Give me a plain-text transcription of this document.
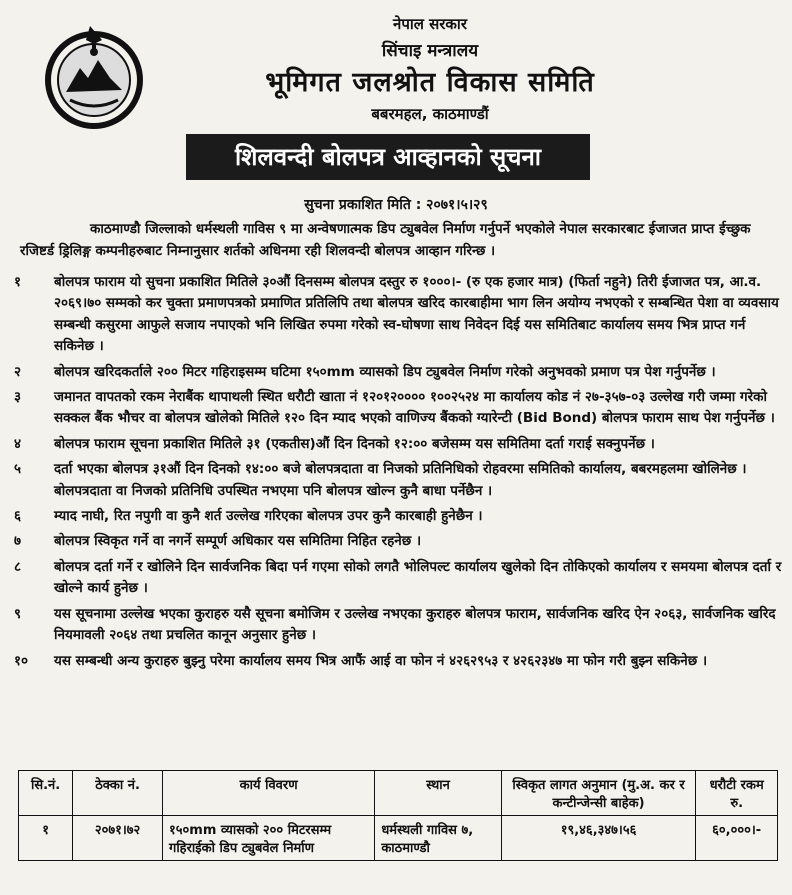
नेपाल सरकार
सिंचाइ मन्त्रालय
भूमिगत जलश्रोत विकास समिति
बबरमहल, काठमाण्डौं
शिलवन्दी बोलपत्र आव्हानको सूचना
सुचना प्रकाशित मिति : २०७१।५।२९
काठमाण्डौ जिल्लाको धर्मस्थली गाविस ९ मा अन्वेषणात्मक डिप ट्युबवेल निर्माण गर्नुपर्ने भएकोले नेपाल सरकारबाट ईजाजत प्राप्त ईच्छुक रजिष्टर्ड ड्रिलिङ्ग कम्पनीहरुबाट निम्नानुसार शर्तको अधिनमा रही शिलवन्दी बोलपत्र आव्हान गरिन्छ ।
१	बोलपत्र फाराम यो सुचना प्रकाशित मितिले ३०औं दिनसम्म बोलपत्र दस्तुर रु १०००।- (रु एक हजार मात्र) (फिर्ता नहुने) तिरी ईजाजत पत्र, आ.व. २०६९।७० सम्मको कर चुक्ता प्रमाणपत्रको प्रमाणित प्रतिलिपि तथा बोलपत्र खरिद कारबाहीमा भाग लिन अयोग्य नभएको र सम्बन्धित पेशा वा व्यवसाय सम्बन्धी कसुरमा आफुले सजाय नपाएको भनि लिखित रुपमा गरेको स्व-घोषणा साथ निवेदन दिई यस समितिबाट कार्यालय समय भित्र प्राप्त गर्न सकिनेछ ।
२	बोलपत्र खरिदकर्ताले २०० मिटर गहिराइसम्म घटिमा १५०mm व्यासको डिप ट्युबवेल निर्माण गरेको अनुभवको प्रमाण पत्र पेश गर्नुपर्नेछ ।
३	जमानत वापतको रकम नेराबैंक थापाथली स्थित धरौटी खाता नं १२०१२०००० १००२५२४ मा कार्यालय कोड नं २७-३५७-०३ उल्लेख गरी जम्मा गरेको सक्कल बैंक भौचर वा बोलपत्र खोलेको मितिले १२० दिन म्याद भएको वाणिज्य बैंकको ग्यारेन्टी (Bid Bond) बोलपत्र फाराम साथ पेश गर्नुपर्नेछ ।
४	बोलपत्र फाराम सूचना प्रकाशित मितिले ३१ (एकतीस)औं दिन दिनको १२:०० बजेसम्म यस समितिमा दर्ता गराई सक्नुपर्नेछ ।
५	दर्ता भएका बोलपत्र ३१औं दिन दिनको १४:०० बजे बोलपत्रदाता वा निजको प्रतिनिधिको रोहवरमा समितिको कार्यालय, बबरमहलमा खोलिनेछ । बोलपत्रदाता वा निजको प्रतिनिधि उपस्थित नभएमा पनि बोलपत्र खोल्न कुनै बाधा पर्नेछैन ।
६	म्याद नाघी, रित नपुगी वा कुनै शर्त उल्लेख गरिएका बोलपत्र उपर कुनै कारबाही हुनेछैन ।
७	बोलपत्र स्विकृत गर्ने वा नगर्ने सम्पूर्ण अधिकार यस समितिमा निहित रहनेछ ।
८	बोलपत्र दर्ता गर्ने र खोलिने दिन सार्वजनिक बिदा पर्न गएमा सोको लगतै भोलिपल्ट कार्यालय खुलेको दिन तोकिएको कार्यालय र समयमा बोलपत्र दर्ता र खोल्ने कार्य हुनेछ ।
९	यस सूचनामा उल्लेख भएका कुराहरु यसै सूचना बमोजिम र उल्लेख नभएका कुराहरु बोलपत्र फाराम, सार्वजनिक खरिद ऐन २०६३, सार्वजनिक खरिद नियमावली २०६४ तथा प्रचलित कानून अनुसार हुनेछ ।
१०	यस सम्बन्धी अन्य कुराहरु बुझ्नु परेमा कार्यालय समय भित्र आफैं आई वा फोन नं ४२६२९५३ र ४२६२३४७ मा फोन गरी बुझ्न सकिनेछ ।
सि.नं.	ठेक्का नं.	कार्य विवरण	स्थान	स्विकृत लागत अनुमान (मु.अ. कर र कन्टीन्जेन्सी बाहेक)	धरौटी रकम रु.
१	२०७१।७२	१५०mm व्यासको २०० मिटरसम्म गहिराईको डिप ट्युबवेल निर्माण	धर्मस्थली गाविस ७, काठमाण्डौ	१९,४६,३४७।५६	६०,०००।-
